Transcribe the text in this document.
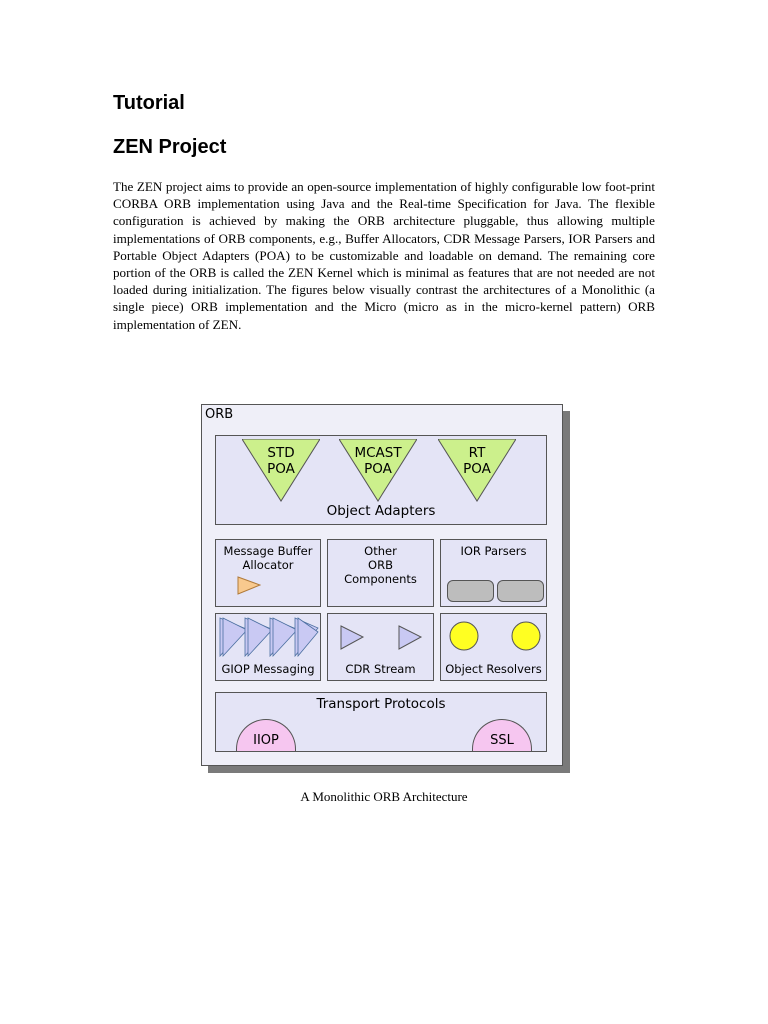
Tutorial
ZEN Project

The ZEN project aims to provide an open-source implementation of highly configurable low foot-print CORBA ORB implementation using Java and the Real-time Specification for Java. The flexible configuration is achieved by making the ORB architecture pluggable, thus allowing multiple implementations of ORB components, e.g., Buffer Allocators, CDR Message Parsers, IOR Parsers and Portable Object Adapters (POA) to be customizable and loadable on demand. The remaining core portion of the ORB is called the ZEN Kernel which is minimal as features that are not needed are not loaded during initialization. The figures below visually contrast the architectures of a Monolithic (a single piece) ORB implementation and the Micro (micro as in the micro-kernel pattern) ORB implementation of ZEN.

ORB
STD
POA
MCAST
POA
RT
POA
Object Adapters
Message Buffer
Allocator
Other
ORB
Components
IOR Parsers
GIOP Messaging	CDR Stream	Object Resolvers
Transport Protocols
IIOP	SSL
A Monolithic ORB Architecture
